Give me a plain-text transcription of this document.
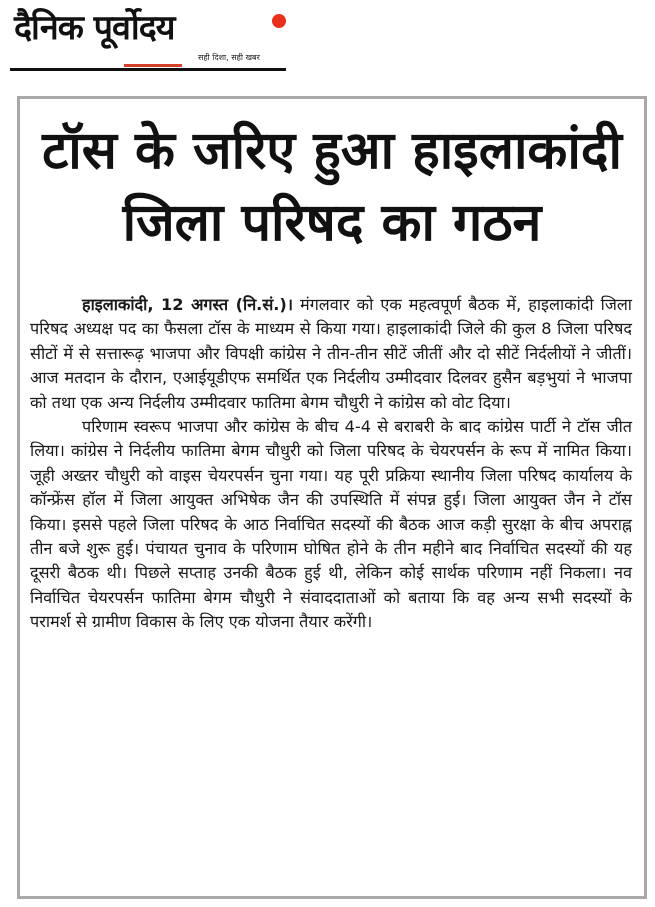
दैनिक पूर्वोदय
सही दिशा, सही खबर
टॉस के जरिए हुआ हाइलाकांदी
जिला परिषद का गठन

हाइलाकांदी, 12 अगस्त (नि.सं.)। मंगलवार को एक महत्वपूर्ण बैठक में, हाइलाकांदी जिला परिषद अध्यक्ष पद का फैसला टॉस के माध्यम से किया गया। हाइलाकांदी जिले की कुल 8 जिला परिषद सीटों में से सत्तारूढ़ भाजपा और विपक्षी कांग्रेस ने तीन-तीन सीटें जीतीं और दो सीटें निर्दलीयों ने जीतीं। आज मतदान के दौरान, एआईयूडीएफ समर्थित एक निर्दलीय उम्मीदवार दिलवर हुसैन बड़भुयां ने भाजपा को तथा एक अन्य निर्दलीय उम्मीदवार फातिमा बेगम चौधुरी ने कांग्रेस को वोट दिया।

परिणाम स्वरूप भाजपा और कांग्रेस के बीच 4-4 से बराबरी के बाद कांग्रेस पार्टी ने टॉस जीत लिया। कांग्रेस ने निर्दलीय फातिमा बेगम चौधुरी को जिला परिषद के चेयरपर्सन के रूप में नामित किया। जूही अख्तर चौधुरी को वाइस चेयरपर्सन चुना गया। यह पूरी प्रक्रिया स्थानीय जिला परिषद कार्यालय के कॉन्फ्रेंस हॉल में जिला आयुक्त अभिषेक जैन की उपस्थिति में संपन्न हुई। जिला आयुक्त जैन ने टॉस किया। इससे पहले जिला परिषद के आठ निर्वाचित सदस्यों की बैठक आज कड़ी सुरक्षा के बीच अपराह्न तीन बजे शुरू हुई। पंचायत चुनाव के परिणाम घोषित होने के तीन महीने बाद निर्वाचित सदस्यों की यह दूसरी बैठक थी। पिछले सप्ताह उनकी बैठक हुई थी, लेकिन कोई सार्थक परिणाम नहीं निकला। नव निर्वाचित चेयरपर्सन फातिमा बेगम चौधुरी ने संवाददाताओं को बताया कि वह अन्य सभी सदस्यों के परामर्श से ग्रामीण विकास के लिए एक योजना तैयार करेंगी।
